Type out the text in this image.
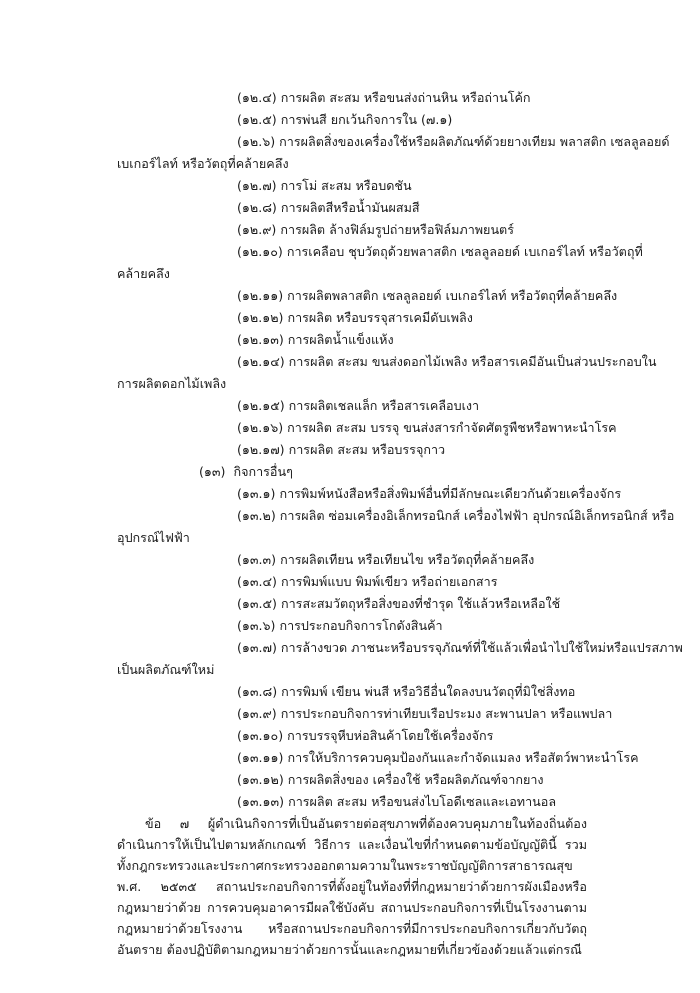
(๑๒.๔) การผลิต สะสม หรือขนส่งถ่านหิน หรือถ่านโค้ก
(๑๒.๕) การพ่นสี ยกเว้นกิจการใน (๗.๑)
(๑๒.๖) การผลิตสิ่งของเครื่องใช้หรือผลิตภัณฑ์ด้วยยางเทียม พลาสติก เซลลูลอยด์
เบเกอร์ไลท์ หรือวัตถุที่คล้ายคลึง
(๑๒.๗) การโม่ สะสม หรือบดชัน
(๑๒.๘) การผลิตสีหรือน้ำมันผสมสี
(๑๒.๙) การผลิต ล้างฟิล์มรูปถ่ายหรือฟิล์มภาพยนตร์
(๑๒.๑๐) การเคลือบ ชุบวัตถุด้วยพลาสติก เซลลูลอยด์ เบเกอร์ไลท์ หรือวัตถุที่
คล้ายคลึง
(๑๒.๑๑) การผลิตพลาสติก เซลลูลอยด์ เบเกอร์ไลท์ หรือวัตถุที่คล้ายคลึง
(๑๒.๑๒) การผลิต หรือบรรจุสารเคมีดับเพลิง
(๑๒.๑๓) การผลิตน้ำแข็งแห้ง
(๑๒.๑๔) การผลิต สะสม ขนส่งดอกไม้เพลิง หรือสารเคมีอันเป็นส่วนประกอบใน
การผลิตดอกไม้เพลิง
(๑๒.๑๕) การผลิตเชลแล็ก หรือสารเคลือบเงา
(๑๒.๑๖) การผลิต สะสม บรรจุ ขนส่งสารกำจัดศัตรูพืชหรือพาหะนำโรค
(๑๒.๑๗) การผลิต สะสม หรือบรรจุกาว
(๑๓) กิจการอื่นๆ
(๑๓.๑) การพิมพ์หนังสือหรือสิ่งพิมพ์อื่นที่มีลักษณะเดียวกันด้วยเครื่องจักร
(๑๓.๒) การผลิต ซ่อมเครื่องอิเล็กทรอนิกส์ เครื่องไฟฟ้า อุปกรณ์อิเล็กทรอนิกส์ หรือ
อุปกรณ์ไฟฟ้า
(๑๓.๓) การผลิตเทียน หรือเทียนไข หรือวัตถุที่คล้ายคลึง
(๑๓.๔) การพิมพ์แบบ พิมพ์เขียว หรือถ่ายเอกสาร
(๑๓.๕) การสะสมวัตถุหรือสิ่งของที่ชำรุด ใช้แล้วหรือเหลือใช้
(๑๓.๖) การประกอบกิจการโกดังสินค้า
(๑๓.๗) การล้างขวด ภาชนะหรือบรรจุภัณฑ์ที่ใช้แล้วเพื่อนำไปใช้ใหม่หรือแปรสภาพ
เป็นผลิตภัณฑ์ใหม่
(๑๓.๘) การพิมพ์ เขียน พ่นสี หรือวิธีอื่นใดลงบนวัตถุที่มิใช่สิ่งทอ
(๑๓.๙) การประกอบกิจการท่าเทียบเรือประมง สะพานปลา หรือแพปลา
(๑๓.๑๐) การบรรจุหีบห่อสินค้าโดยใช้เครื่องจักร
(๑๓.๑๑) การให้บริการควบคุมป้องกันและกำจัดแมลง หรือสัตว์พาหะนำโรค
(๑๓.๑๒) การผลิตสิ่งของ เครื่องใช้ หรือผลิตภัณฑ์จากยาง
(๑๓.๑๓) การผลิต สะสม หรือขนส่งไบโอดีเซลและเอทานอล
ข้อ ๗ ผู้ดำเนินกิจการที่เป็นอันตรายต่อสุขภาพที่ต้องควบคุมภายในท้องถิ่นต้องดำเนินการให้เป็นไปตามหลักเกณฑ์ วิธีการ และเงื่อนไขที่กำหนดตามข้อบัญญัตินี้ รวมทั้งกฎกระทรวงและประกาศกระทรวงออกตามความในพระราชบัญญัติการสาธารณสุข พ.ศ. ๒๕๓๕ สถานประกอบกิจการที่ตั้งอยู่ในท้องที่ที่กฎหมายว่าด้วยการผังเมืองหรือกฎหมายว่าด้วย การควบคุมอาคารมีผลใช้บังคับ สถานประกอบกิจการที่เป็นโรงงานตามกฎหมายว่าด้วยโรงงาน หรือสถานประกอบกิจการที่มีการประกอบกิจการเกี่ยวกับวัตถุอันตราย ต้องปฏิบัติตามกฎหมายว่าด้วยการนั้นและกฎหมายที่เกี่ยวข้องด้วยแล้วแต่กรณี
